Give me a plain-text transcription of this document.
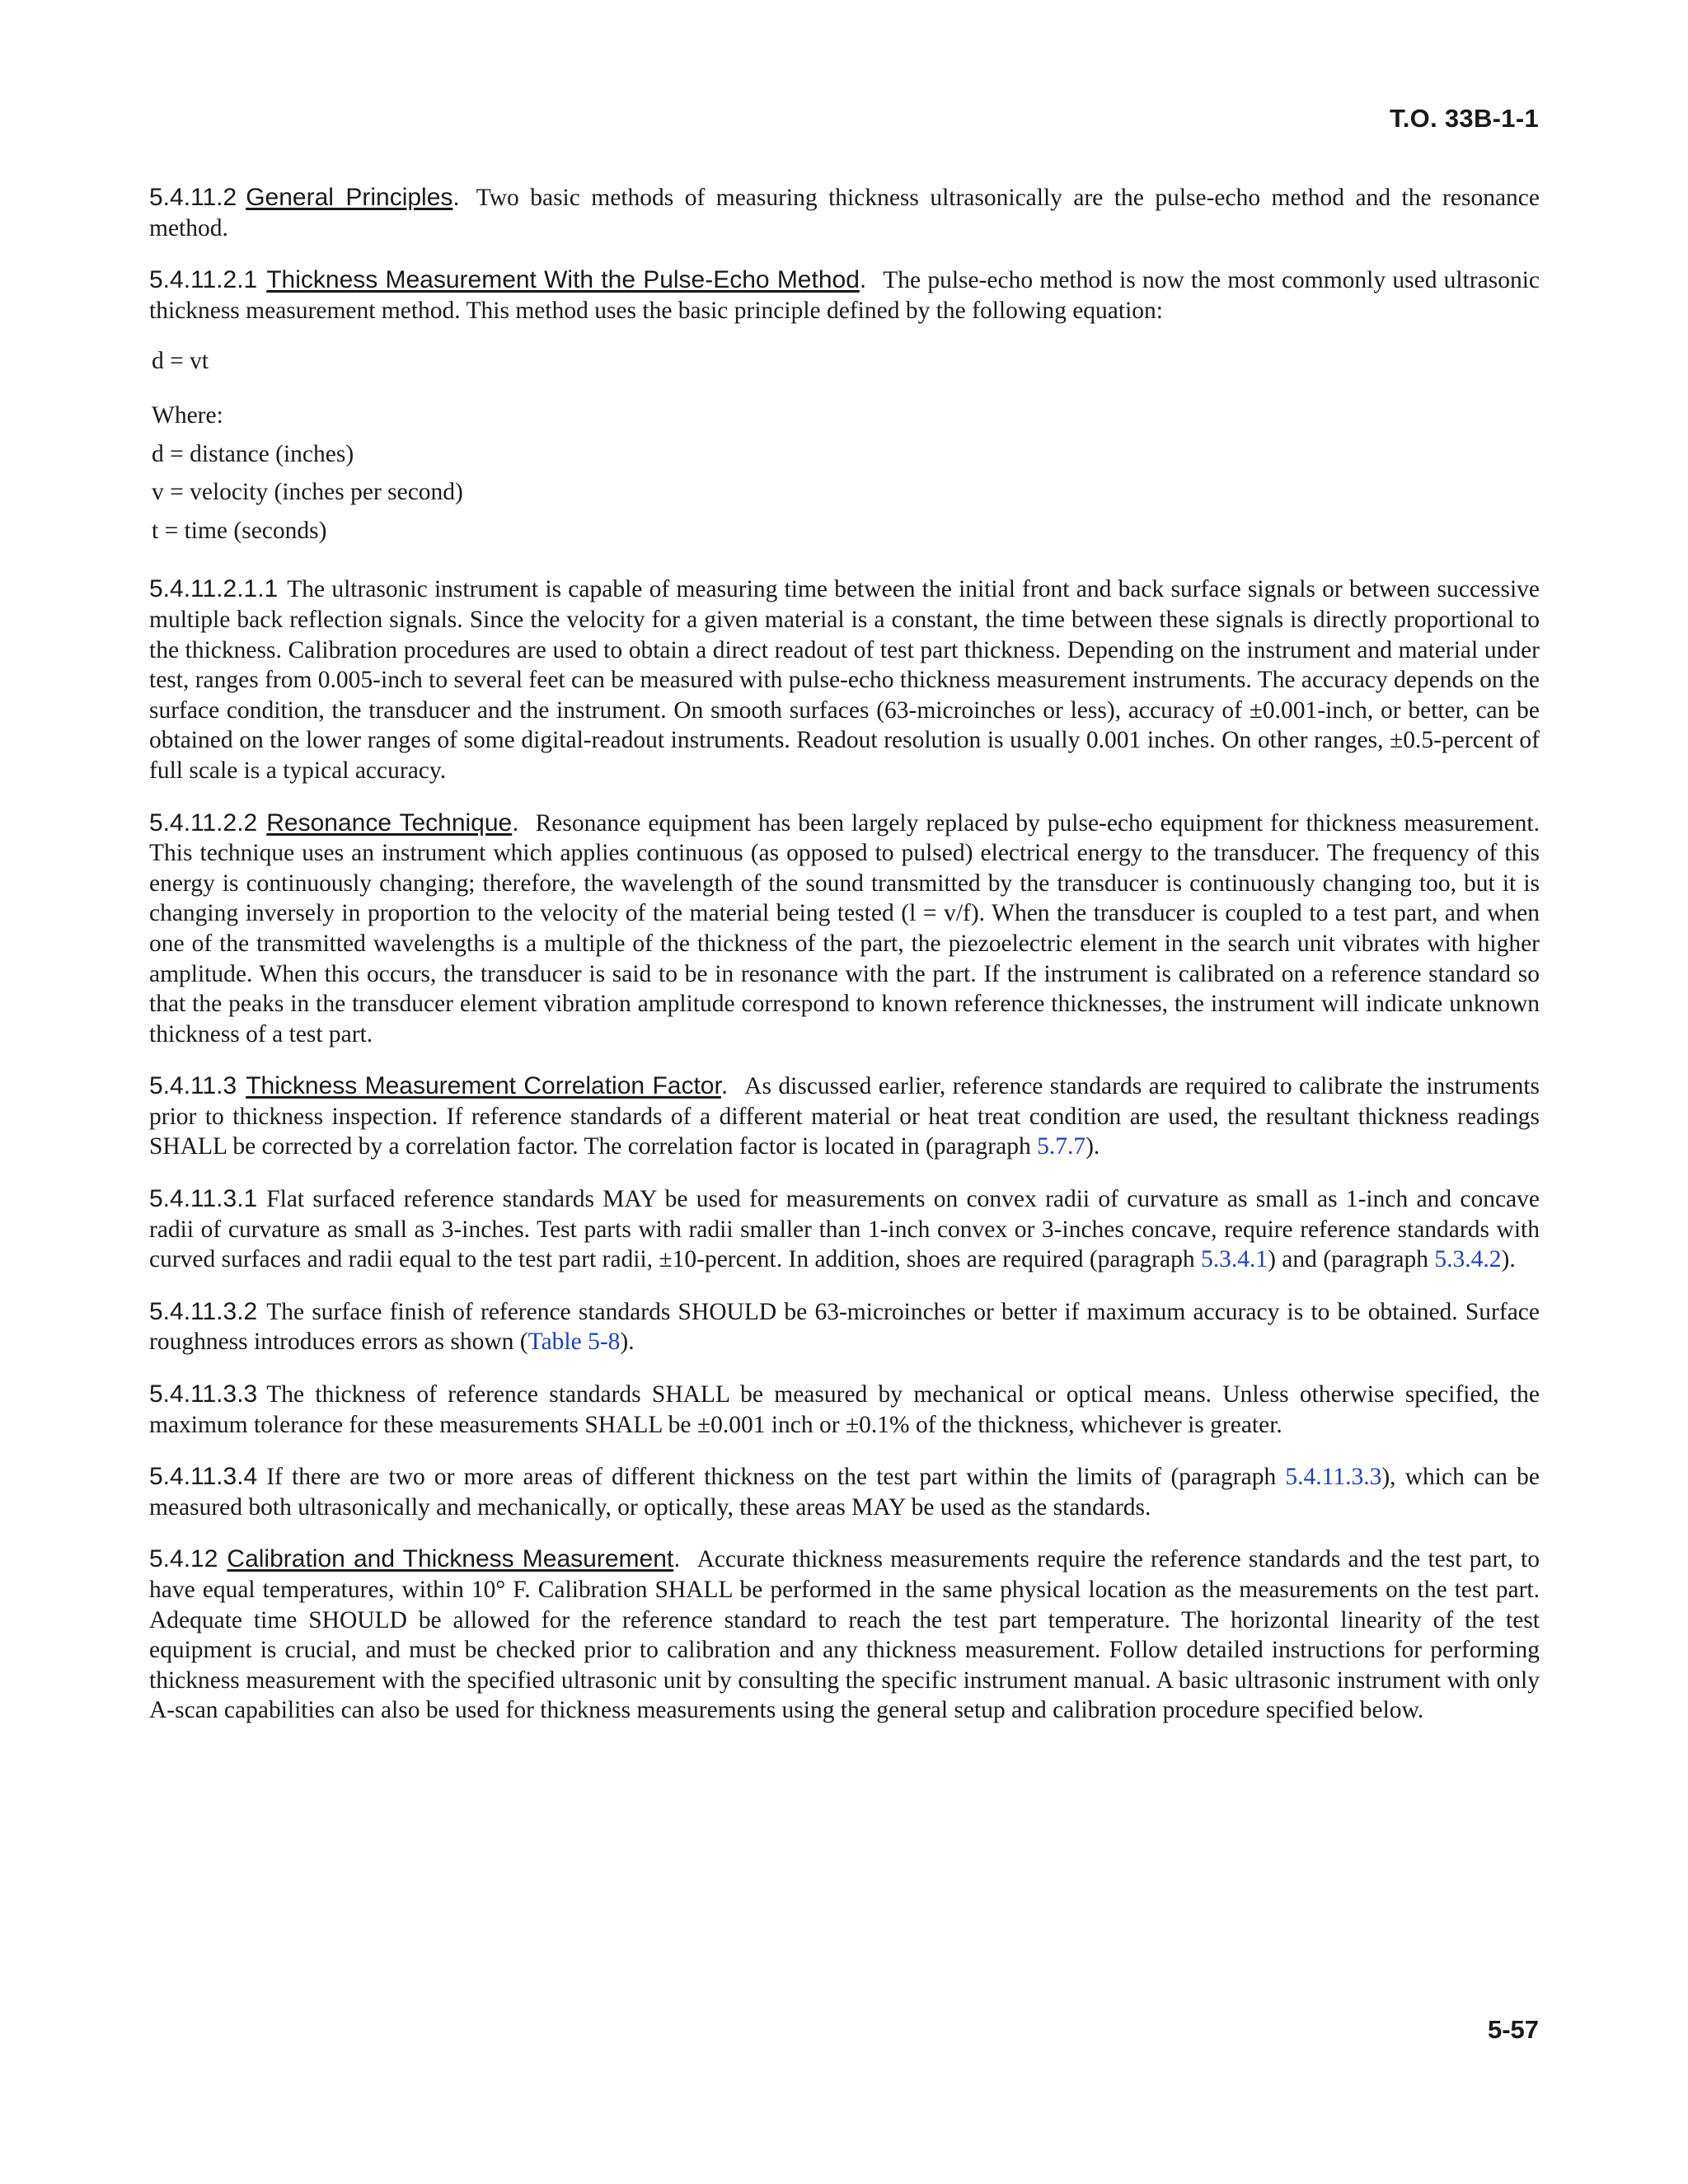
T.O. 33B-1-1

5.4.11.2 General Principles. Two basic methods of measuring thickness ultrasonically are the pulse-echo method and the resonance method.

5.4.11.2.1 Thickness Measurement With the Pulse-Echo Method. The pulse-echo method is now the most commonly used ultrasonic thickness measurement method. This method uses the basic principle defined by the following equation:

d = vt
Where:
d = distance (inches)
v = velocity (inches per second)
t = time (seconds)

5.4.11.2.1.1 The ultrasonic instrument is capable of measuring time between the initial front and back surface signals or between successive multiple back reflection signals. Since the velocity for a given material is a constant, the time between these signals is directly proportional to the thickness. Calibration procedures are used to obtain a direct readout of test part thickness. Depending on the instrument and material under test, ranges from 0.005-inch to several feet can be measured with pulse-echo thickness measurement instruments. The accuracy depends on the surface condition, the transducer and the instrument. On smooth surfaces (63-microinches or less), accuracy of ±0.001-inch, or better, can be obtained on the lower ranges of some digital-readout instruments. Readout resolution is usually 0.001 inches. On other ranges, ±0.5-percent of full scale is a typical accuracy.

5.4.11.2.2 Resonance Technique. Resonance equipment has been largely replaced by pulse-echo equipment for thickness measurement. This technique uses an instrument which applies continuous (as opposed to pulsed) electrical energy to the transducer. The frequency of this energy is continuously changing; therefore, the wavelength of the sound transmitted by the transducer is continuously changing too, but it is changing inversely in proportion to the velocity of the material being tested (l = v/f). When the transducer is coupled to a test part, and when one of the transmitted wavelengths is a multiple of the thickness of the part, the piezoelectric element in the search unit vibrates with higher amplitude. When this occurs, the transducer is said to be in resonance with the part. If the instrument is calibrated on a reference standard so that the peaks in the transducer element vibration amplitude correspond to known reference thicknesses, the instrument will indicate unknown thickness of a test part.

5.4.11.3 Thickness Measurement Correlation Factor. As discussed earlier, reference standards are required to calibrate the instruments prior to thickness inspection. If reference standards of a different material or heat treat condition are used, the resultant thickness readings SHALL be corrected by a correlation factor. The correlation factor is located in (paragraph 5.7.7).

5.4.11.3.1 Flat surfaced reference standards MAY be used for measurements on convex radii of curvature as small as 1-inch and concave radii of curvature as small as 3-inches. Test parts with radii smaller than 1-inch convex or 3-inches concave, require reference standards with curved surfaces and radii equal to the test part radii, ±10-percent. In addition, shoes are required (paragraph 5.3.4.1) and (paragraph 5.3.4.2).

5.4.11.3.2 The surface finish of reference standards SHOULD be 63-microinches or better if maximum accuracy is to be obtained. Surface roughness introduces errors as shown (Table 5-8).

5.4.11.3.3 The thickness of reference standards SHALL be measured by mechanical or optical means. Unless otherwise specified, the maximum tolerance for these measurements SHALL be ±0.001 inch or ±0.1% of the thickness, whichever is greater.

5.4.11.3.4 If there are two or more areas of different thickness on the test part within the limits of (paragraph 5.4.11.3.3), which can be measured both ultrasonically and mechanically, or optically, these areas MAY be used as the standards.

5.4.12 Calibration and Thickness Measurement. Accurate thickness measurements require the reference standards and the test part, to have equal temperatures, within 10° F. Calibration SHALL be performed in the same physical location as the measurements on the test part. Adequate time SHOULD be allowed for the reference standard to reach the test part temperature. The horizontal linearity of the test equipment is crucial, and must be checked prior to calibration and any thickness measurement. Follow detailed instructions for performing thickness measurement with the specified ultrasonic unit by consulting the specific instrument manual. A basic ultrasonic instrument with only A-scan capabilities can also be used for thickness measurements using the general setup and calibration procedure specified below.

5-57
